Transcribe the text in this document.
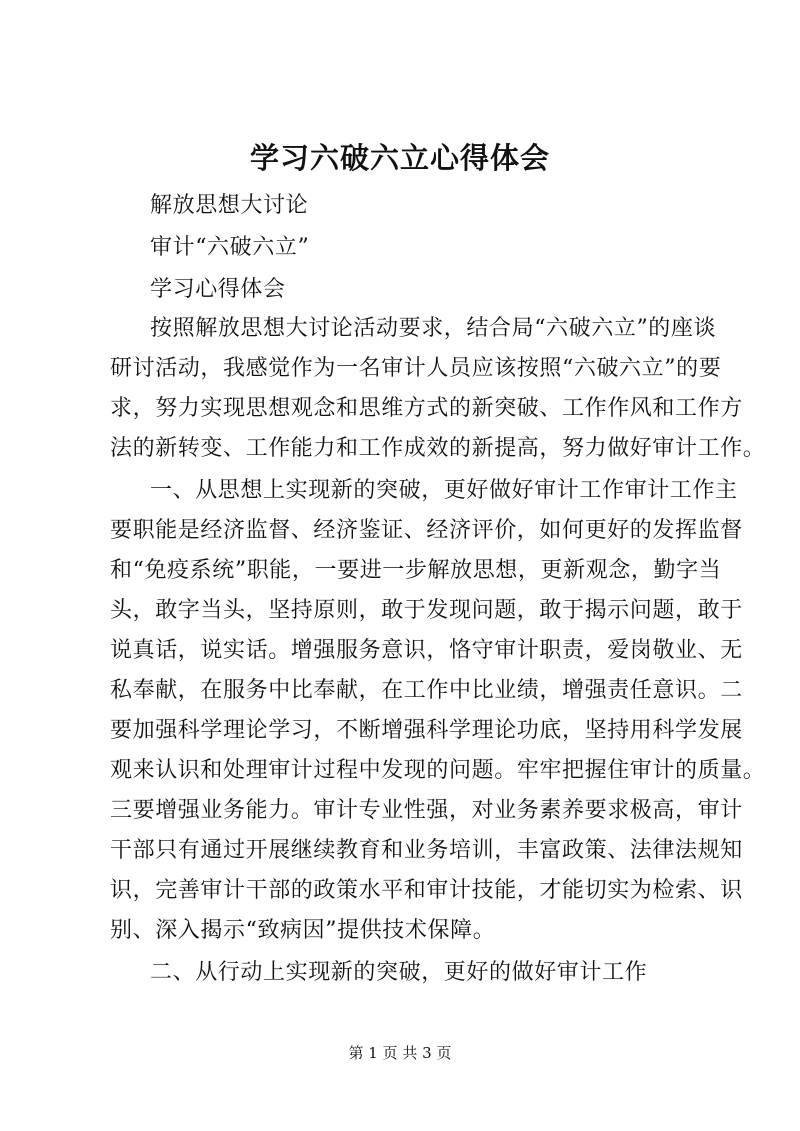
学习六破六立心得体会
解放思想大讨论
审计“六破六立”
学习心得体会
按照解放思想大讨论活动要求，结合局“六破六立”的座谈
研讨活动，我感觉作为一名审计人员应该按照“六破六立”的要
求，努力实现思想观念和思维方式的新突破、工作作风和工作方
法的新转变、工作能力和工作成效的新提高，努力做好审计工作。
一、从思想上实现新的突破，更好做好审计工作审计工作主
要职能是经济监督、经济鉴证、经济评价，如何更好的发挥监督
和“免疫系统”职能，一要进一步解放思想，更新观念，勤字当
头，敢字当头，坚持原则，敢于发现问题，敢于揭示问题，敢于
说真话，说实话。增强服务意识，恪守审计职责，爱岗敬业、无
私奉献，在服务中比奉献，在工作中比业绩，增强责任意识。二
要加强科学理论学习，不断增强科学理论功底，坚持用科学发展
观来认识和处理审计过程中发现的问题。牢牢把握住审计的质量。
三要增强业务能力。审计专业性强，对业务素养要求极高，审计
干部只有通过开展继续教育和业务培训，丰富政策、法律法规知
识，完善审计干部的政策水平和审计技能，才能切实为检索、识
别、深入揭示“致病因”提供技术保障。
二、从行动上实现新的突破，更好的做好审计工作
第 1 页 共 3 页
